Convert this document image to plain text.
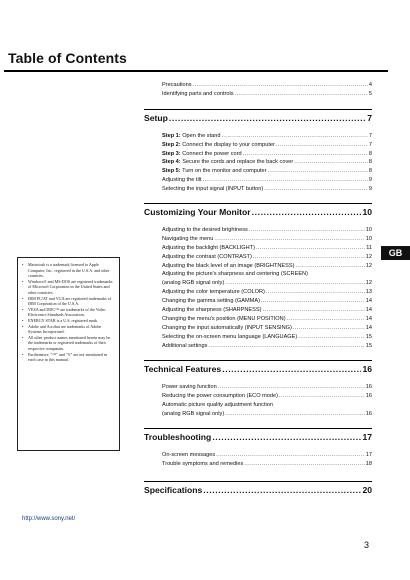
Table of Contents
GB
Precautions .....	4
Identifying parts and controls .....	5
Setup .....	7
Step 1: Open the stand .....	7
Step 2: Connect the display to your computer .....	7
Step 3: Connect the power cord .....	8
Step 4: Secure the cords and replace the back cover .....	8
Step 5: Turn on the monitor and computer .....	8
Adjusting the tilt .....	9
Selecting the input signal (INPUT button) .....	9
Customizing Your Monitor .....	10
Adjusting to the desired brightness .....	10
Navigating the menu .....	10
Adjusting the backlight (BACKLIGHT) .....	11
Adjusting the contrast (CONTRAST) .....	12
Adjusting the black level of an image (BRIGHTNESS) .....	12
Adjusting the picture's sharpness and centering (SCREEN)
(analog RGB signal only) .....	12
Adjusting the color temperature (COLOR) .....	13
Changing the gamma setting (GAMMA) .....	14
Adjusting the sharpness (SHARPNESS) .....	14
Changing the menu's position (MENU POSITION) .....	14
Changing the input automatically (INPUT SENSING) .....	14
Selecting the on-screen menu language (LANGUAGE) .....	15
Additional settings .....	15
Technical Features .....	16
Power saving function .....	16
Reducing the power consumption (ECO mode) .....	16
Automatic picture quality adjustment function
(analog RGB signal only) .....	16
Troubleshooting .....	17
On-screen messages .....	17
Trouble symptoms and remedies .....	18
Specifications .....	20
•	Macintosh is a trademark licensed to Apple Computer, Inc., registered in the U.S.A. and other countries.
•	Windows® and MS-DOS are registered trademarks of Microsoft Corporation in the United States and other countries.
•	IBM PC/AT and VGA are registered trademarks of IBM Corporation of the U.S.A.
•	VESA and DDC™ are trademarks of the Video Electronics Standards Association.
•	ENERGY STAR is a U.S. registered mark.
•	Adobe and Acrobat are trademarks of Adobe Systems Incorporated.
•	All other product names mentioned herein may be the trademarks or registered trademarks of their respective companies.
•	Furthermore, "™" and "®" are not mentioned in each case in this manual.
http://www.sony.net/
3
